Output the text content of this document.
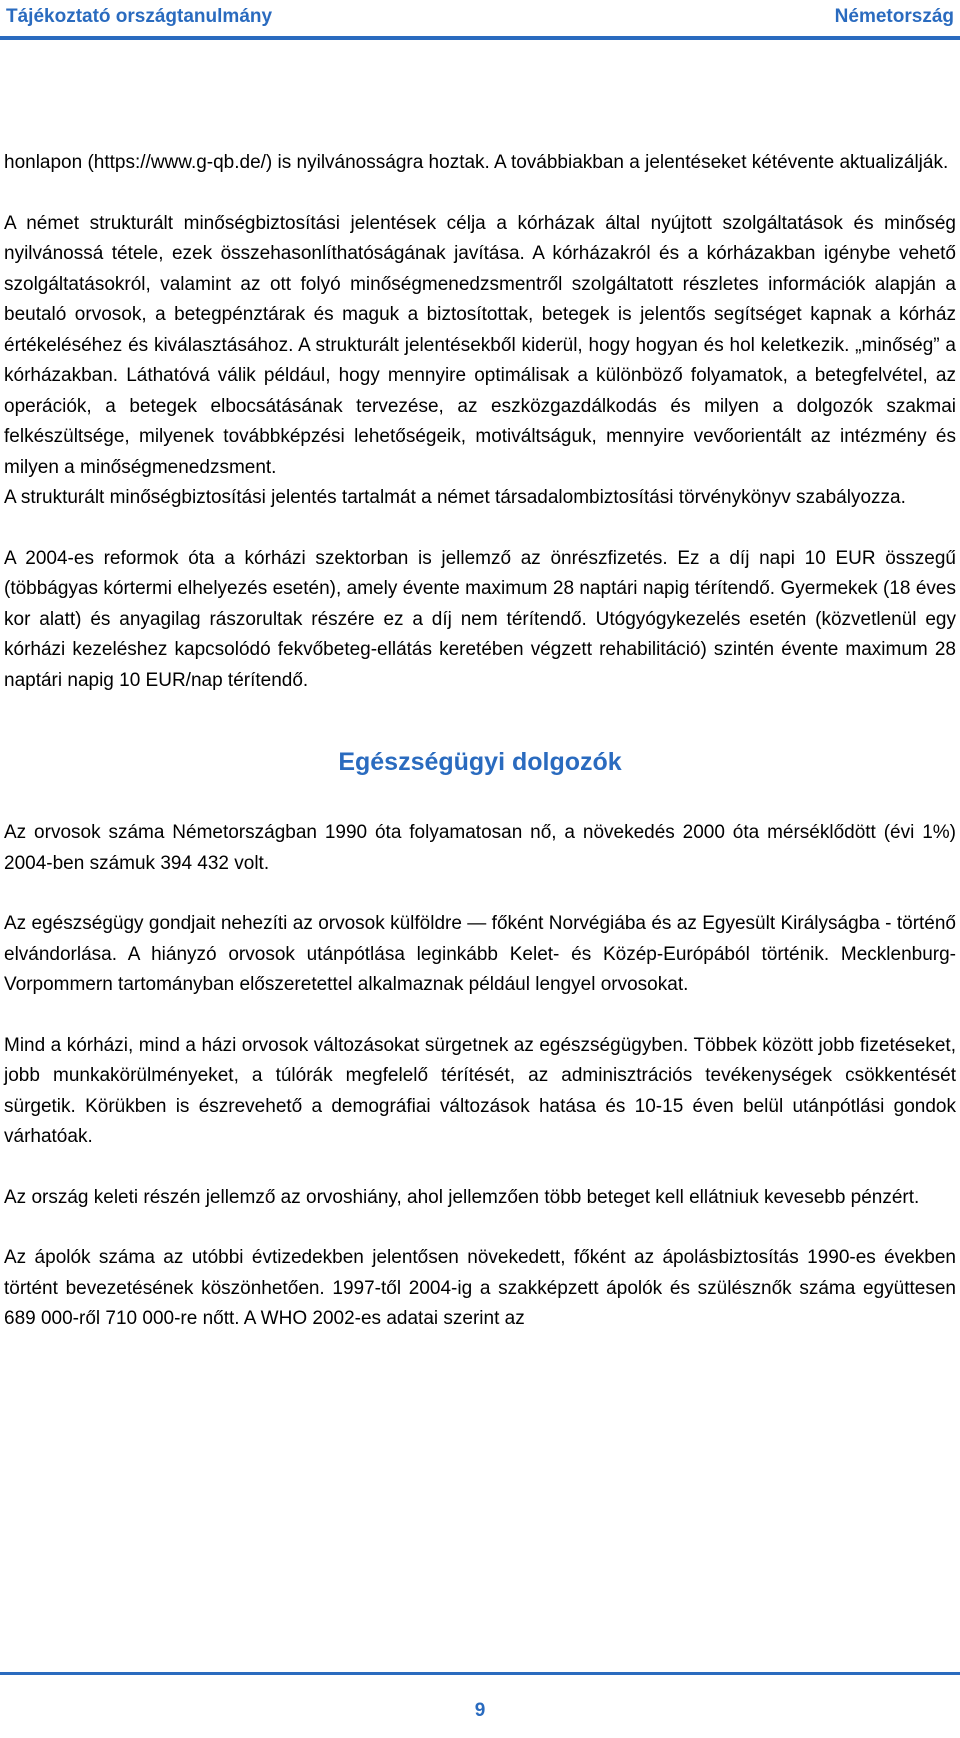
Tájékoztató országtanulmány	Németország

honlapon (https://www.g-qb.de/) is nyilvánosságra hoztak. A továbbiakban a jelentéseket kétévente aktualizálják.

A német strukturált minőségbiztosítási jelentések célja a kórházak által nyújtott szolgáltatások és minőség nyilvánossá tétele, ezek összehasonlíthatóságának javítása. A kórházakról és a kórházakban igénybe vehető szolgáltatásokról, valamint az ott folyó minőségmenedzsmentről szolgáltatott részletes információk alapján a beutaló orvosok, a betegpénztárak és maguk a biztosítottak, betegek is jelentős segítséget kapnak a kórház értékeléséhez és kiválasztásához. A strukturált jelentésekből kiderül, hogy hogyan és hol keletkezik. „minőség” a kórházakban. Láthatóvá válik például, hogy mennyire optimálisak a különböző folyamatok, a betegfelvétel, az operációk, a betegek elbocsátásának tervezése, az eszközgazdálkodás és milyen a dolgozók szakmai felkészültsége, milyenek továbbképzési lehetőségeik, motiváltságuk, mennyire vevőorientált az intézmény és milyen a minőségmenedzsment.

A strukturált minőségbiztosítási jelentés tartalmát a német társadalombiztosítási törvénykönyv szabályozza.

A 2004-es reformok óta a kórházi szektorban is jellemző az önrészfizetés. Ez a díj napi 10 EUR összegű (többágyas kórtermi elhelyezés esetén), amely évente maximum 28 naptári napig térítendő. Gyermekek (18 éves kor alatt) és anyagilag rászorultak részére ez a díj nem térítendő. Utógyógykezelés esetén (közvetlenül egy kórházi kezeléshez kapcsolódó fekvőbeteg-ellátás keretében végzett rehabilitáció) szintén évente maximum 28 naptári napig 10 EUR/nap térítendő.

Egészségügyi dolgozók

Az orvosok száma Németországban 1990 óta folyamatosan nő, a növekedés 2000 óta mérséklődött (évi 1%) 2004-ben számuk 394 432 volt.

Az egészségügy gondjait nehezíti az orvosok külföldre — főként Norvégiába és az Egyesült Királyságba - történő elvándorlása. A hiányzó orvosok utánpótlása leginkább Kelet- és Közép-Európából történik. Mecklenburg-Vorpommern tartományban előszeretettel alkalmaznak például lengyel orvosokat.

Mind a kórházi, mind a házi orvosok változásokat sürgetnek az egészségügyben. Többek között jobb fizetéseket, jobb munkakörülményeket, a túlórák megfelelő térítését, az adminisztrációs tevékenységek csökkentését sürgetik. Körükben is észrevehető a demográfiai változások hatása és 10-15 éven belül utánpótlási gondok várhatóak.

Az ország keleti részén jellemző az orvoshiány, ahol jellemzően több beteget kell ellátniuk kevesebb pénzért.

Az ápolók száma az utóbbi évtizedekben jelentősen növekedett, főként az ápolásbiztosítás 1990-es években történt bevezetésének köszönhetően. 1997-től 2004-ig a szakképzett ápolók és szülésznők száma együttesen 689 000-ről 710 000-re nőtt. A WHO 2002-es adatai szerint az

9
